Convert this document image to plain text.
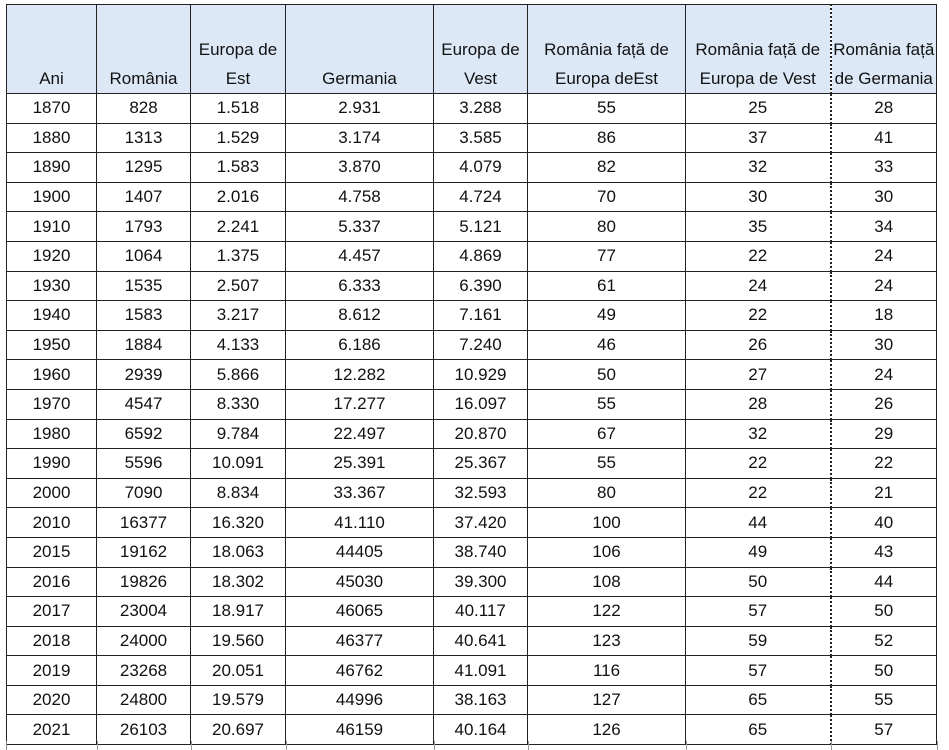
Ani	România	Europa de Est	Germania	Europa de Vest	România față de Europa deEst	România față de Europa de Vest	România față de Germania
1870	828	1.518	2.931	3.288	55	25	28
1880	1313	1.529	3.174	3.585	86	37	41
1890	1295	1.583	3.870	4.079	82	32	33
1900	1407	2.016	4.758	4.724	70	30	30
1910	1793	2.241	5.337	5.121	80	35	34
1920	1064	1.375	4.457	4.869	77	22	24
1930	1535	2.507	6.333	6.390	61	24	24
1940	1583	3.217	8.612	7.161	49	22	18
1950	1884	4.133	6.186	7.240	46	26	30
1960	2939	5.866	12.282	10.929	50	27	24
1970	4547	8.330	17.277	16.097	55	28	26
1980	6592	9.784	22.497	20.870	67	32	29
1990	5596	10.091	25.391	25.367	55	22	22
2000	7090	8.834	33.367	32.593	80	22	21
2010	16377	16.320	41.110	37.420	100	44	40
2015	19162	18.063	44405	38.740	106	49	43
2016	19826	18.302	45030	39.300	108	50	44
2017	23004	18.917	46065	40.117	122	57	50
2018	24000	19.560	46377	40.641	123	59	52
2019	23268	20.051	46762	41.091	116	57	50
2020	24800	19.579	44996	38.163	127	65	55
2021	26103	20.697	46159	40.164	126	65	57
